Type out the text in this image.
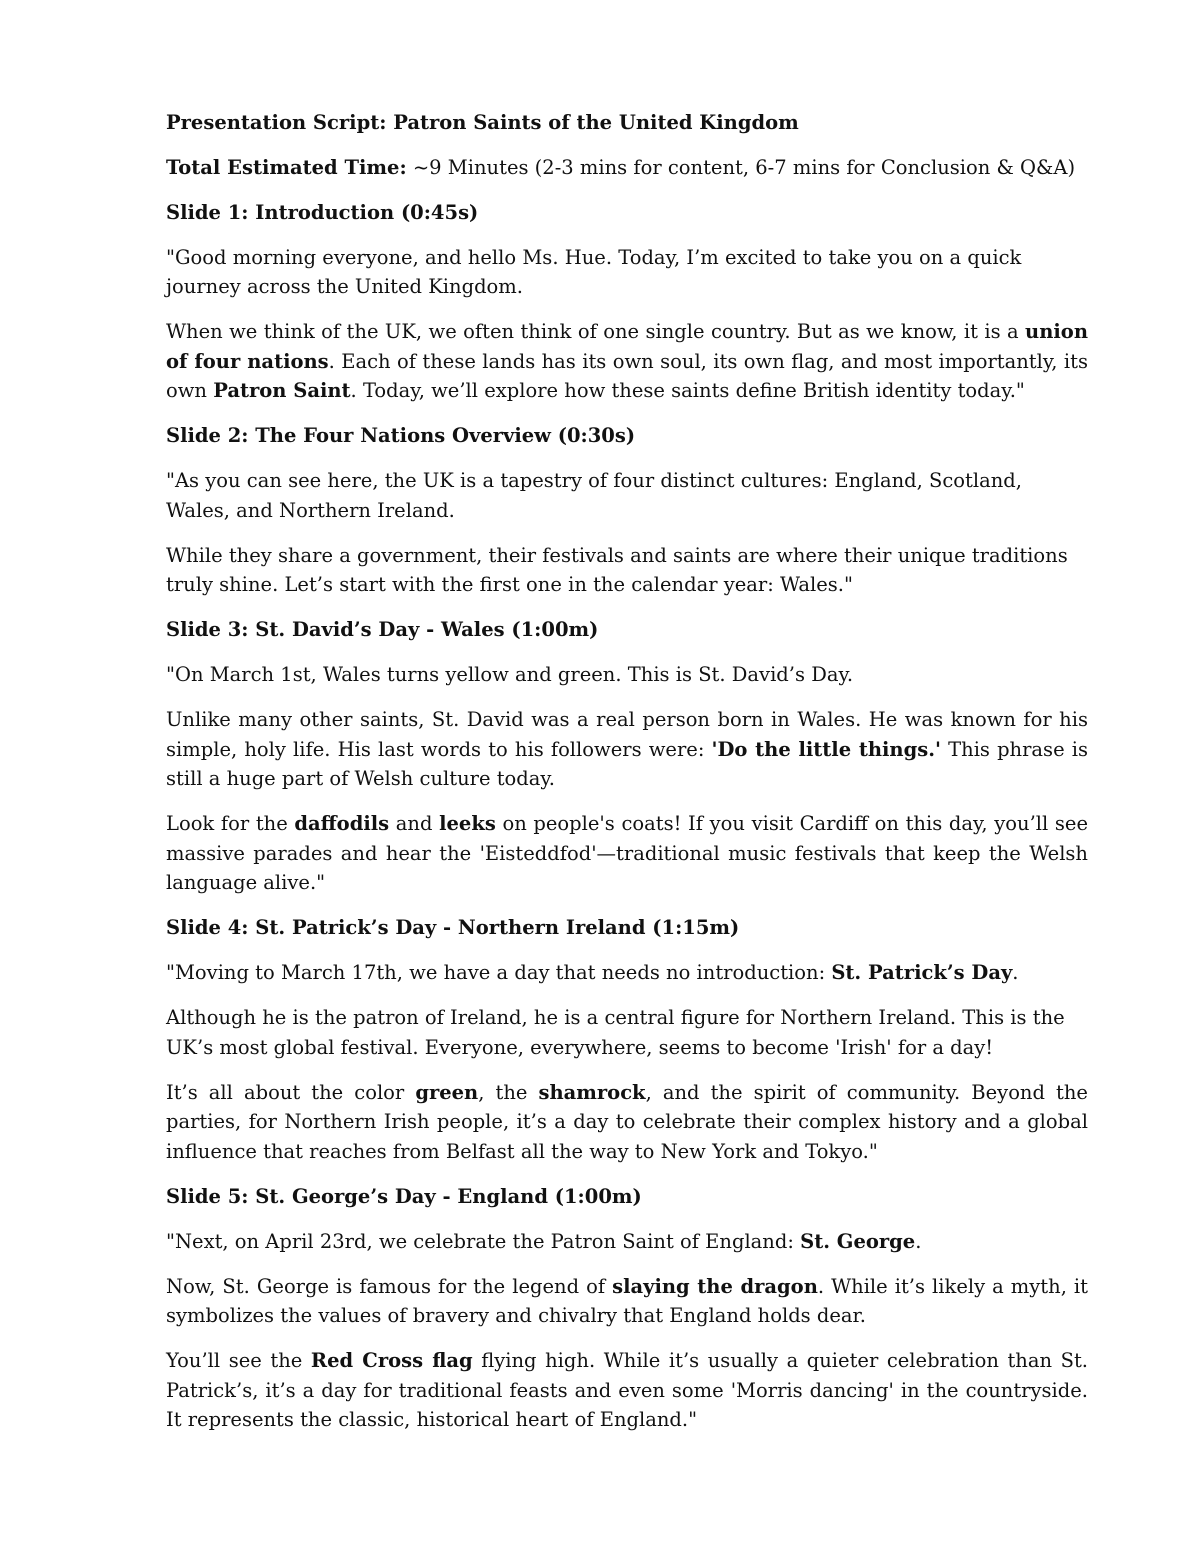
Presentation Script: Patron Saints of the United Kingdom

Total Estimated Time: ~9 Minutes (2-3 mins for content, 6-7 mins for Conclusion & Q&A)

Slide 1: Introduction (0:45s)

"Good morning everyone, and hello Ms. Hue. Today, I’m excited to take you on a quick journey across the United Kingdom.

When we think of the UK, we often think of one single country. But as we know, it is a union of four nations. Each of these lands has its own soul, its own flag, and most importantly, its own Patron Saint. Today, we’ll explore how these saints define British identity today."

Slide 2: The Four Nations Overview (0:30s)

"As you can see here, the UK is a tapestry of four distinct cultures: England, Scotland, Wales, and Northern Ireland.

While they share a government, their festivals and saints are where their unique traditions truly shine. Let’s start with the first one in the calendar year: Wales."

Slide 3: St. David’s Day - Wales (1:00m)

"On March 1st, Wales turns yellow and green. This is St. David’s Day.

Unlike many other saints, St. David was a real person born in Wales. He was known for his simple, holy life. His last words to his followers were: 'Do the little things.' This phrase is still a huge part of Welsh culture today.

Look for the daffodils and leeks on people's coats! If you visit Cardiff on this day, you’ll see massive parades and hear the 'Eisteddfod'—traditional music festivals that keep the Welsh language alive."

Slide 4: St. Patrick’s Day - Northern Ireland (1:15m)

"Moving to March 17th, we have a day that needs no introduction: St. Patrick’s Day.

Although he is the patron of Ireland, he is a central figure for Northern Ireland. This is the UK’s most global festival. Everyone, everywhere, seems to become 'Irish' for a day!

It’s all about the color green, the shamrock, and the spirit of community. Beyond the parties, for Northern Irish people, it’s a day to celebrate their complex history and a global influence that reaches from Belfast all the way to New York and Tokyo."

Slide 5: St. George’s Day - England (1:00m)

"Next, on April 23rd, we celebrate the Patron Saint of England: St. George.

Now, St. George is famous for the legend of slaying the dragon. While it’s likely a myth, it symbolizes the values of bravery and chivalry that England holds dear.

You’ll see the Red Cross flag flying high. While it’s usually a quieter celebration than St. Patrick’s, it’s a day for traditional feasts and even some 'Morris dancing' in the countryside. It represents the classic, historical heart of England."
